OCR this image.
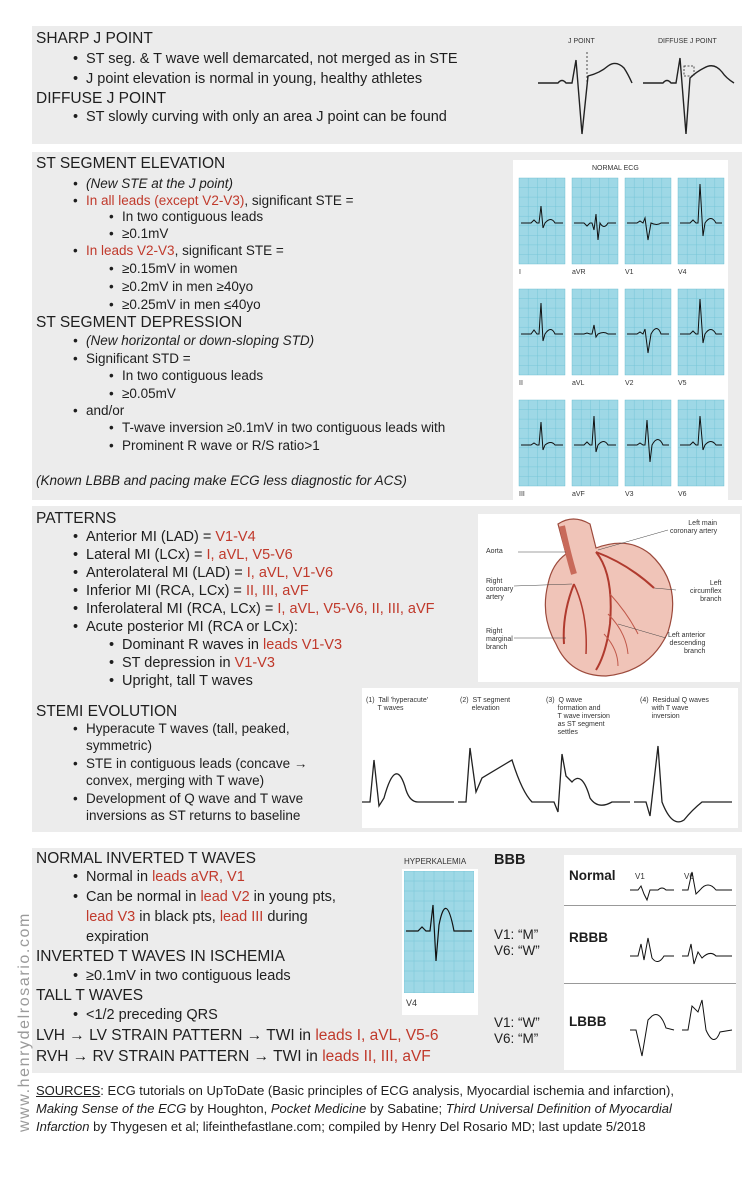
SHARP J POINT
• ST seg. & T wave well demarcated, not merged as in STE
• J point elevation is normal in young, healthy athletes
DIFFUSE J POINT
• ST slowly curving with only an area J point can be found
J POINT	DIFFUSE J POINT
ST SEGMENT ELEVATION
• (New STE at the J point)
• In all leads (except V2-V3), significant STE =
• In two contiguous leads
• ≥0.1mV
• In leads V2-V3, significant STE =
• ≥0.15mV in women
• ≥0.2mV in men ≥40yo
• ≥0.25mV in men ≤40yo
ST SEGMENT DEPRESSION
• (New horizontal or down-sloping STD)
• Significant STD =
• In two contiguous leads
• ≥0.05mV
• and/or
• T-wave inversion ≥0.1mV in two contiguous leads with
• Prominent R wave or R/S ratio>1
(Known LBBB and pacing make ECG less diagnostic for ACS)
NORMAL ECG
I	aVR	V1	V4
II	aVL	V2	V5
III	aVF	V3	V6
PATTERNS
• Anterior MI (LAD) = V1-V4
• Lateral MI (LCx) = I, aVL, V5-V6
• Anterolateral MI (LAD) = I, aVL, V1-V6
• Inferior MI (RCA, LCx) = II, III, aVF
• Inferolateral MI (RCA, LCx) = I, aVL, V5-V6, II, III, aVF
• Acute posterior MI (RCA or LCx):
• Dominant R waves in leads V1-V3
• ST depression in V1-V3
• Upright, tall T waves
Aorta
Left main
coronary artery
Right
coronary
artery
Left
circumflex
branch
Right
marginal
branch
Left anterior
descending
branch
STEMI EVOLUTION
• Hyperacute T waves (tall, peaked,
symmetric)
• STE in contiguous leads (concave →
convex, merging with T wave)
• Development of Q wave and T wave
inversions as ST returns to baseline
(1)  Tall 'hyperacute'
T waves
(2)  ST segment
elevation
(3)  Q wave
formation and
T wave inversion
as ST segment
settles
(4)  Residual Q waves
with T wave
inversion
NORMAL INVERTED T WAVES
• Normal in leads aVR, V1
• Can be normal in lead V2 in young pts,
lead V3 in black pts, lead III during
expiration
INVERTED T WAVES IN ISCHEMIA
• ≥0.1mV in two contiguous leads
TALL T WAVES
• <1/2 preceding QRS
LVH → LV STRAIN PATTERN → TWI in leads I, aVL, V5-6
RVH → RV STRAIN PATTERN → TWI in leads II, III, aVF
HYPERKALEMIA
V4
BBB
Normal
RBBB
LBBB
V1: “M”
V6: “W”
V1: “W”
V6: “M”
V1	V6
SOURCES: ECG tutorials on UpToDate (Basic principles of ECG analysis, Myocardial ischemia and infarction),
Making Sense of the ECG by Houghton, Pocket Medicine by Sabatine; Third Universal Definition of Myocardial
Infarction by Thygesen et al; lifeinthefastlane.com; compiled by Henry Del Rosario MD; last update 5/2018
www.henrydelrosario.com
